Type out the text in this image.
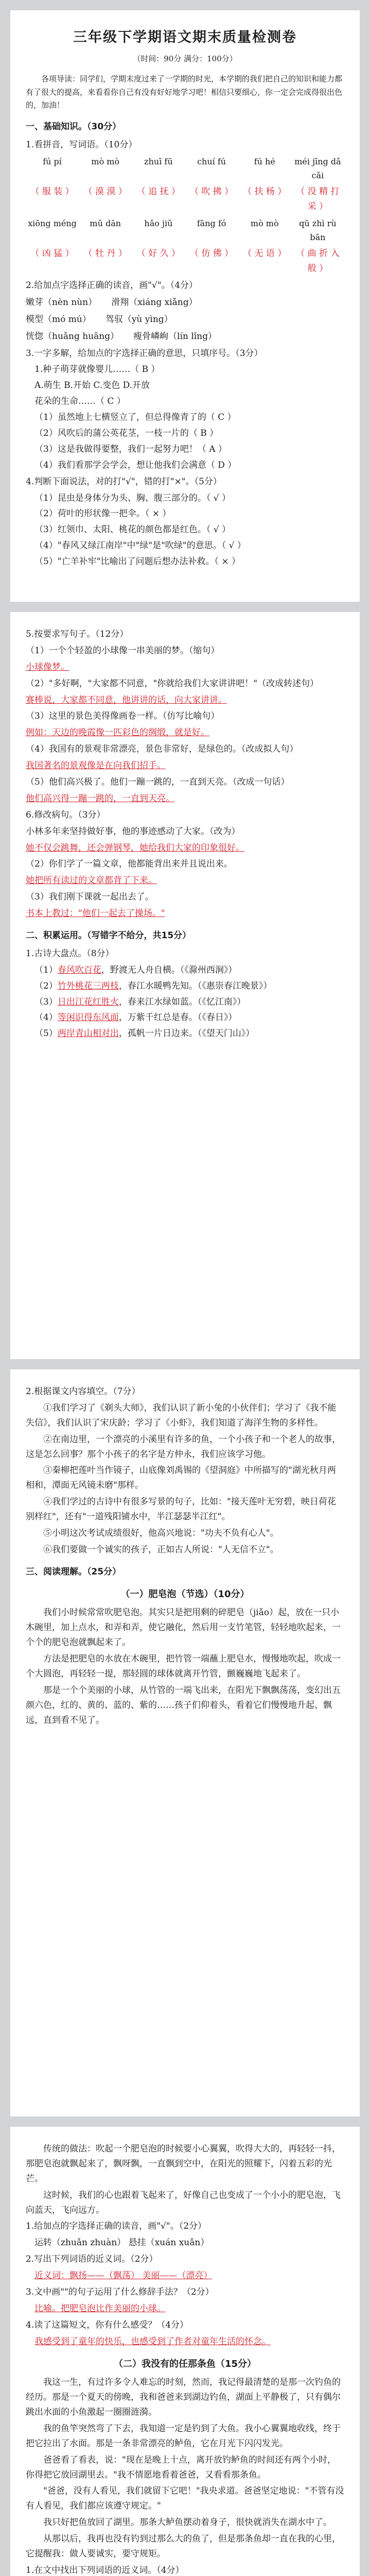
三年级下学期语文期末质量检测卷
（时间：90分 满分：100分）

各项导读：同学们，学期末度过来了一学期的时光，本学期的我们把自己的知识和能力都有了很大的提高，来看看你自己有没有好好地学习吧！相信只要细心，你一定会完成得很出色的，加油！

一、基础知识。（30分）

1.看拼音，写词语。（10分）

fú pí	mò mò	zhuī fū	chuí fú	fú hé	méi jīng dǎ cǎi
（ 服 装 ）	（ 漠 漠 ）	（ 追 抚 ）	（ 吹 拂 ）	（ 扶 杨 ）	（ 没 精 打 采 ）
xiōng méng	mǔ dān	hǎo jiǔ	fāng fó	mò mò	qū zhì rù bān
（ 凶 猛 ）	（ 牡 丹 ）	（ 好 久 ）	（ 仿 佛 ）	（ 无 语 ）	（ 曲 折 入 般 ）

2.给加点字选择正确的读音，画"√"。（4分）

嫩芽（nèn nùn） 滑翔（xiáng xiǎng）
模型（mó mú） 驾驭（yù yìng）
恍惚（huǎng huāng） 瘦骨嶙峋（lín lǐng）

3.一字多解，给加点的字选择正确的意思，只填序号。（3分）

1.种子萌芽就像婴儿……（ B ）

A.萌生 B.开始 C.变色 D.开放

花朵的生命……（ C ）

（1）虽然地上七横竖立了，但总得像青了的（ C ）

（2）风吹后的蒲公英花茎，一枝一片的（ B ）

（3）这是我做得要整，我们一起努力吧！（ A ）

（4）我们看那学会学会，想让他我们会满意（ D ）

4.判断下面说法，对的打"√"，错的打"×"。（5分）

（1）昆虫是身体分为头、胸、腹三部分的。（ √ ）

（2）荷叶的形状像一把伞。（ × ）

（3）红领巾、太阳、桃花的颜色都是红色。（ √ ）

（4）"春风又绿江南岸"中"绿"是"吹绿"的意思。（ √ ）

（5）"亡羊补牢"比喻出了问题后想办法补救。（ × ）

5.按要求写句子。（12分）

（1）一个个轻盈的小球像一串美丽的梦。（缩句）

小球像梦。

（2）"多好啊，"大家都不同意，"你就给我们大家讲讲吧！"（改成转述句）

赛棒说，大家都不同意，他讲讲的话，向大家讲讲。

（3）这里的景色美得像画卷一样。（仿写比喻句）

例如：天边的晚霞像一匹彩色的绸缎，就是好。

（4）我国有的景观非常漂亮，景色非常好，是绿色的。（改成拟人句）

我国著名的景观像是在向我们招手。

（5）他们高兴极了。他们一蹦一跳的，一直到天亮。（改成一句话）

他们高兴得一蹦一跳的，一直到天亮。

6.修改病句。（3分）

小林多年来坚持做好事，他的事迹感动了大家。（改为）

她不仅会跳舞，还会弹钢琴，她给我们大家的印象很好。

（2）你们学了一篇文章，他都能背出来并且说出来。

她把所有读过的文章都背了下来。

（3）我们刚下课就一起出去了。

书本上教过："他们一起去了操场。"

二、积累运用。（写错字不给分，共15分）

1.古诗大盘点。（8分）

（1）春风吹百花，野渡无人舟自横。（《滁州西涧》）

（2）竹外桃花三两枝，春江水暖鸭先知。（《惠崇春江晚景》）

（3）日出江花红胜火，春来江水绿如蓝。（《忆江南》）

（4）等闲识得东风面，万紫千红总是春。（《春日》）

（5）两岸青山相对出，孤帆一片日边来。（《望天门山》）

2.根据课文内容填空。（7分）

①我们学习了《剃头大师》，我们认识了新小兔的小伙伴们；学习了《我不能失信》，我们认识了宋庆龄；学习了《小虾》，我们知道了海洋生物的多样性。

②在南边里，一个漂亮的小溪里有许多的鱼，一个小孩子和一个老人的故事，这是怎么回事？那个小孩子的名字是方仲永，我们应该学习他。

③秦柳把莲叶当作镜子，山底像刘禹锡的《望洞庭》中所描写的"湖光秋月两相和，潭面无风镜未磨"那样。

④我们学过的古诗中有很多写景的句子，比如："接天莲叶无穷碧，映日荷花别样红"，还有"一道残阳铺水中，半江瑟瑟半江红"。

⑤小明这次考试成绩很好，他高兴地说："功夫不负有心人"。

⑥我们要做一个诚实的孩子，正如古人所说："人无信不立"。

三、阅读理解。（25分）
（一）肥皂泡（节选）（10分）

我们小时候常常吹肥皂泡。其实只是把用剩的碎肥皂（jiǎo）起，放在一只小木碗里，加上点水，和弄和弄，使它融化，然后用一支竹笔管，轻轻地吹起来，一个个的肥皂泡就飘起来了。

方法是把肥皂的水放在木碗里，把竹管一端蘸上肥皂水，慢慢地吹起，吹成一个大圆泡，再轻轻一提，那轻圆的球体就离开竹管，颤巍巍地飞起来了。

那是一个个美丽的小球，从竹管的一端飞出来，在阳光下飘飘荡荡，变幻出五颜六色，红的、黄的、蓝的、紫的……孩子们仰着头，看着它们慢慢地升起、飘远，直到看不见了。

传统的做法：吹起一个肥皂泡的时候要小心翼翼，吹得大大的，再轻轻一抖，那肥皂泡就飘起来了，飘呀飘，一直飘到空中，在阳光的照耀下，闪着五彩的光芒。

这时候，我们的心也跟着飞起来了，好像自己也变成了一个小小的肥皂泡，飞向蓝天，飞向远方。

1.给加点的字选择正确的读音，画"√"。（2分）

运转（zhuǎn zhuàn） 悬挂（xuán xuǎn）

2.写出下列词语的近义词。（2分）

近义词：飘扬——（飘荡） 美丽——（漂亮）

3.文中画""的句子运用了什么修辞手法？（2分）

比喻。把肥皂泡比作美丽的小球。

4.读了这篇短文，你有什么感受？（4分）

我感受到了童年的快乐，也感受到了作者对童年生活的怀念。

（二）我没有的任那条鱼（15分）

我这一生，有过许多令人难忘的时刻，然而，我记得最清楚的是那一次钓鱼的经历。那是一个夏天的傍晚，我和爸爸来到湖边钓鱼，湖面上平静极了，只有偶尔跳出水面的小鱼激起一圈圈涟漪。

我的鱼竿突然弯了下去，我知道一定是钓到了大鱼。我小心翼翼地收线，终于把它拉出了水面。那是一条非常漂亮的鲈鱼，它在月光下闪闪发光。

爸爸看了看表，说："现在是晚上十点，离开放钓鲈鱼的时间还有两个小时，你得把它放回湖里去。"我不情愿地看着爸爸，又看看那条鱼。

"爸爸，没有人看见，我们就留下它吧！"我央求道。爸爸坚定地说："不管有没有人看见，我们都应该遵守规定。"

我只好把鱼放回了湖里。那条大鲈鱼摆动着身子，很快就消失在湖水中了。

从那以后，我再也没有钓到过那么大的鱼了，但是那条鱼却一直在我的心里，它提醒我：做人要诚实，要守规矩。

1.在文中找出下列词语的近义词。（4分）
